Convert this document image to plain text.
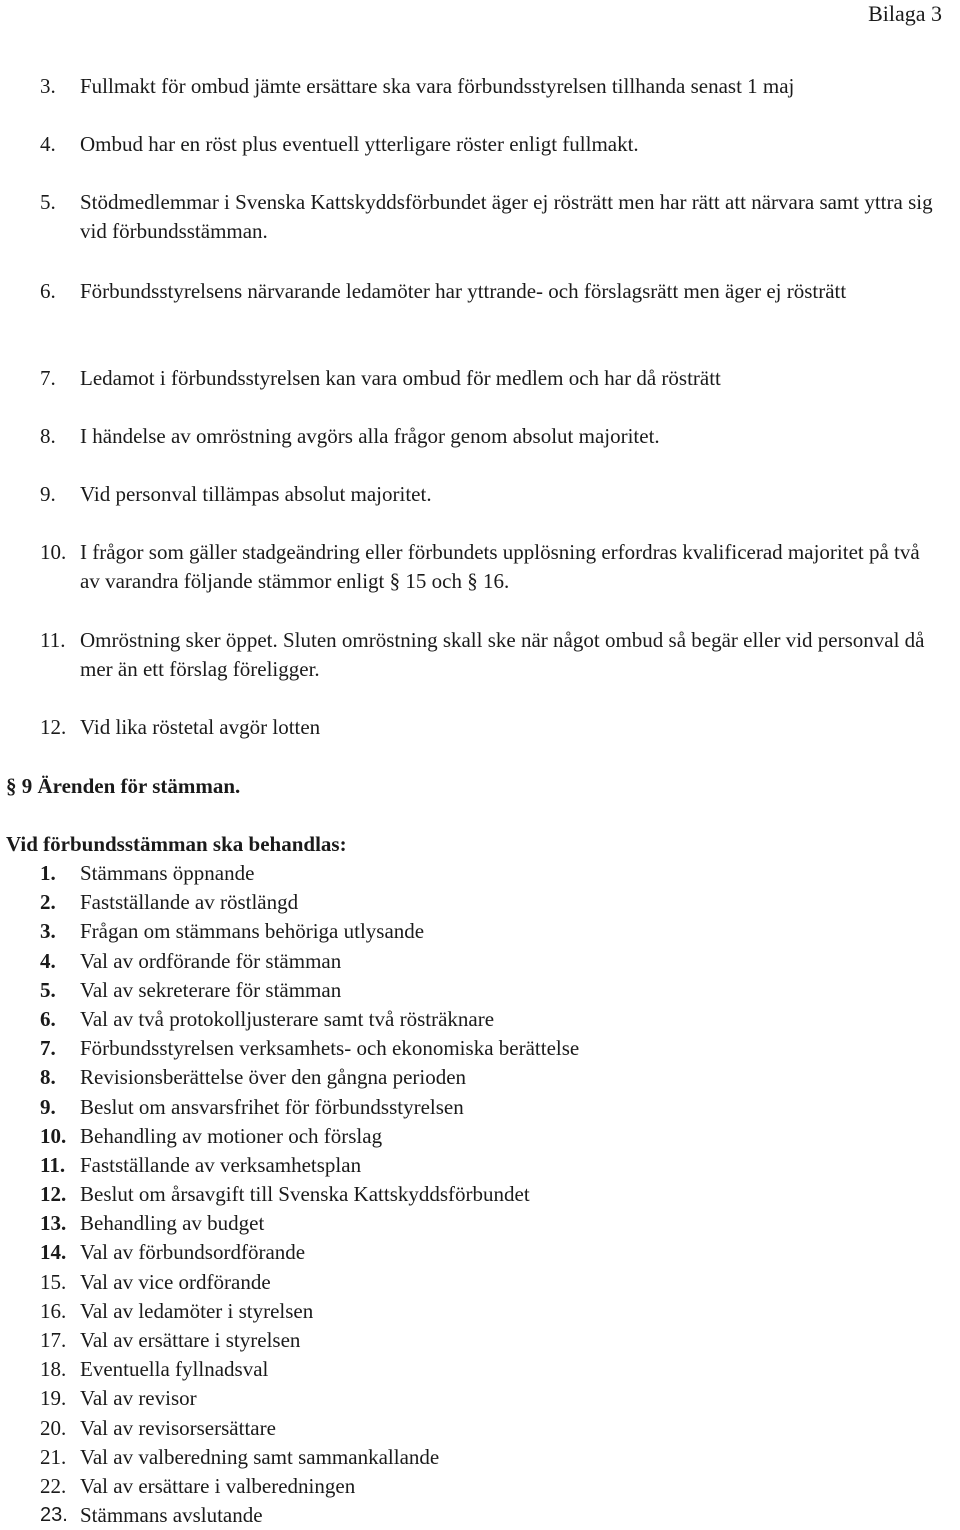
Bilaga 3
3. Fullmakt för ombud jämte ersättare ska vara förbundsstyrelsen tillhanda senast 1 maj
4. Ombud har en röst plus eventuell ytterligare röster enligt fullmakt.
5. Stödmedlemmar i Svenska Kattskyddsförbundet äger ej rösträtt men har rätt att närvara samt yttra sig vid förbundsstämman.
6. Förbundsstyrelsens närvarande ledamöter har yttrande- och förslagsrätt men äger ej rösträtt
7. Ledamot i förbundsstyrelsen kan vara ombud för medlem och har då rösträtt
8. I händelse av omröstning avgörs alla frågor genom absolut majoritet.
9. Vid personval tillämpas absolut majoritet.
10. I frågor som gäller stadgeändring eller förbundets upplösning erfordras kvalificerad majoritet på två av varandra följande stämmor enligt § 15 och § 16.
11. Omröstning sker öppet. Sluten omröstning skall ske när något ombud så begär eller vid personval då mer än ett förslag föreligger.
12. Vid lika röstetal avgör lotten
§ 9 Ärenden för stämman.
Vid förbundsstämman ska behandlas:
1. Stämmans öppnande
2. Fastställande av röstlängd
3. Frågan om stämmans behöriga utlysande
4. Val av ordförande för stämman
5. Val av sekreterare för stämman
6. Val av två protokolljusterare samt två rösträknare
7. Förbundsstyrelsen verksamhets- och ekonomiska berättelse
8. Revisionsberättelse över den gångna perioden
9. Beslut om ansvarsfrihet för förbundsstyrelsen
10. Behandling av motioner och förslag
11. Fastställande av verksamhetsplan
12. Beslut om årsavgift till Svenska Kattskyddsförbundet
13. Behandling av budget
14. Val av förbundsordförande
15. Val av vice ordförande
16. Val av ledamöter i styrelsen
17. Val av ersättare i styrelsen
18. Eventuella fyllnadsval
19. Val av revisor
20. Val av revisorsersättare
21. Val av valberedning samt sammankallande
22. Val av ersättare i valberedningen
23. Stämmans avslutande
